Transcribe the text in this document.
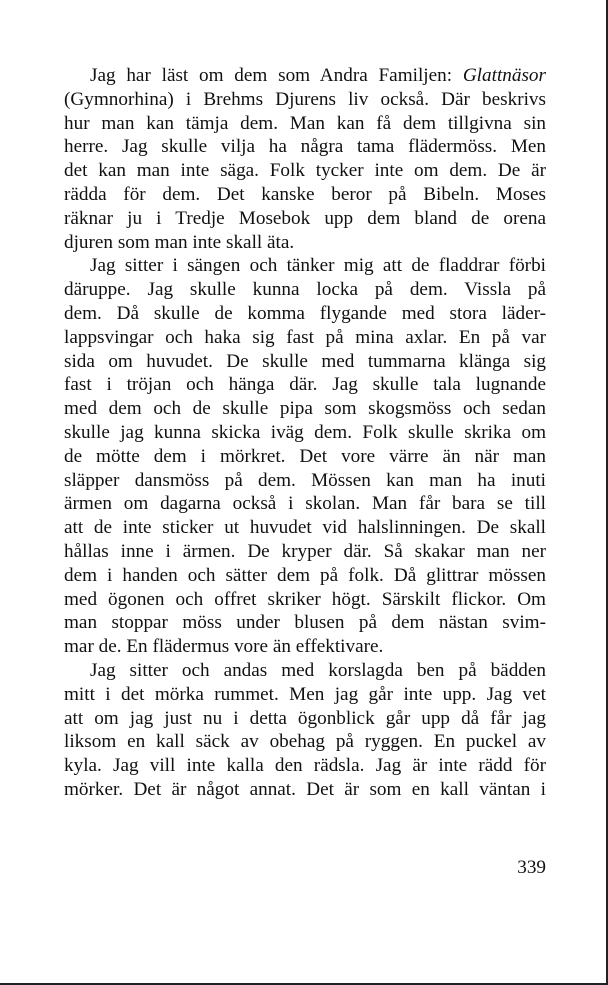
Jag har läst om dem som Andra Familjen: Glattnäsor
(Gymnorhina) i Brehms Djurens liv också. Där beskrivs
hur man kan tämja dem. Man kan få dem tillgivna sin
herre. Jag skulle vilja ha några tama flädermöss. Men
det kan man inte säga. Folk tycker inte om dem. De är
rädda för dem. Det kanske beror på Bibeln. Moses
räknar ju i Tredje Mosebok upp dem bland de orena
djuren som man inte skall äta.
Jag sitter i sängen och tänker mig att de fladdrar förbi
däruppe. Jag skulle kunna locka på dem. Vissla på
dem. Då skulle de komma flygande med stora läder-
lappsvingar och haka sig fast på mina axlar. En på var
sida om huvudet. De skulle med tummarna klänga sig
fast i tröjan och hänga där. Jag skulle tala lugnande
med dem och de skulle pipa som skogsmöss och sedan
skulle jag kunna skicka iväg dem. Folk skulle skrika om
de mötte dem i mörkret. Det vore värre än när man
släpper dansmöss på dem. Mössen kan man ha inuti
ärmen om dagarna också i skolan. Man får bara se till
att de inte sticker ut huvudet vid halslinningen. De skall
hållas inne i ärmen. De kryper där. Så skakar man ner
dem i handen och sätter dem på folk. Då glittrar mössen
med ögonen och offret skriker högt. Särskilt flickor. Om
man stoppar möss under blusen på dem nästan svim-
mar de. En flädermus vore än effektivare.
Jag sitter och andas med korslagda ben på bädden
mitt i det mörka rummet. Men jag går inte upp. Jag vet
att om jag just nu i detta ögonblick går upp då får jag
liksom en kall säck av obehag på ryggen. En puckel av
kyla. Jag vill inte kalla den rädsla. Jag är inte rädd för
mörker. Det är något annat. Det är som en kall väntan i
339
